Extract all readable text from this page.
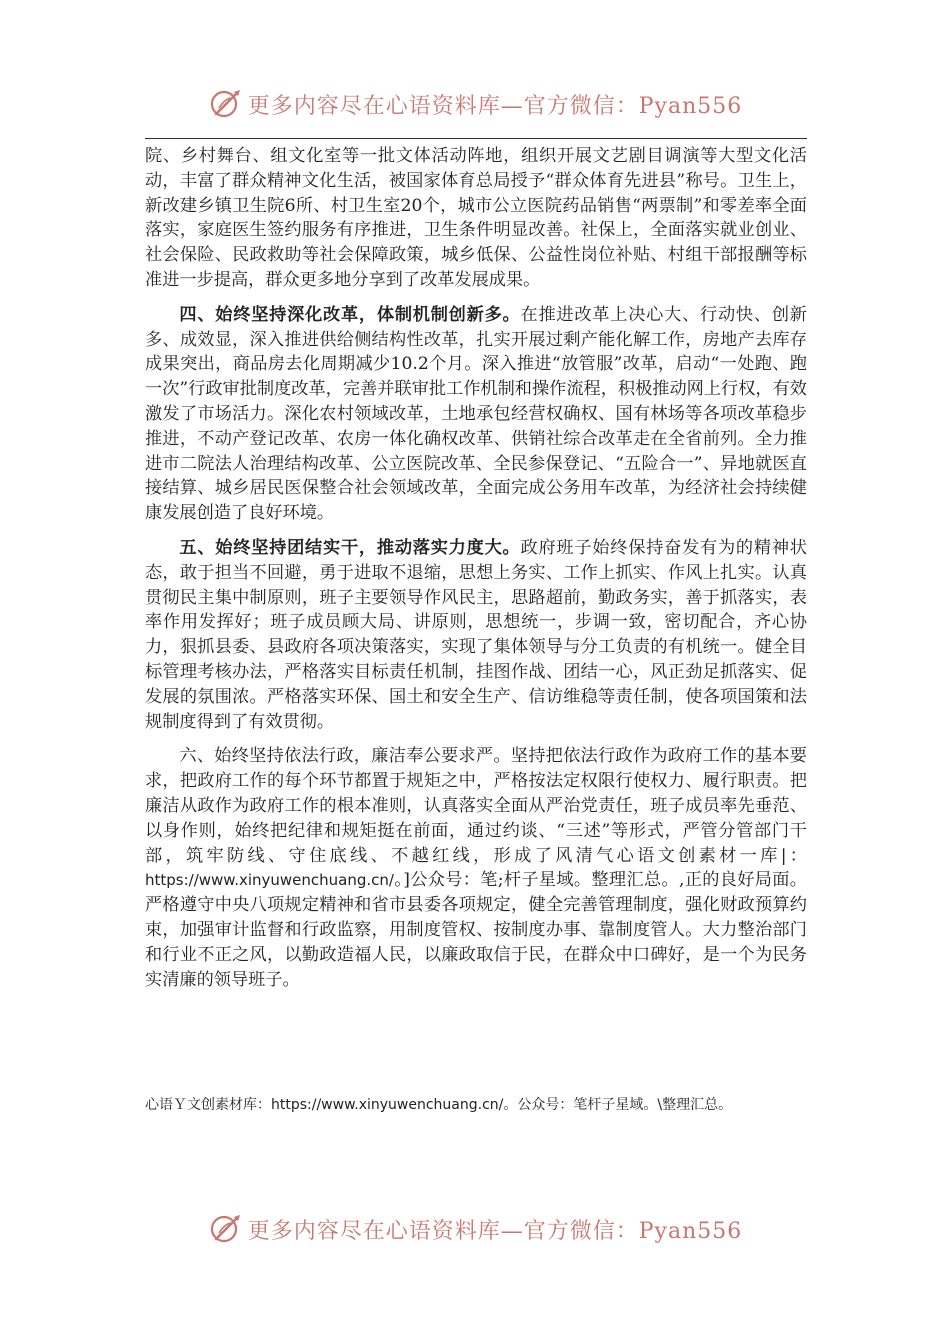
更多内容尽在心语资料库—官方微信：Pyan556

院、乡村舞台、组文化室等一批文体活动阵地，组织开展文艺剧目调演等大型文化活动，丰富了群众精神文化生活，被国家体育总局授予“群众体育先进县”称号。卫生上，新改建乡镇卫生院6所、村卫生室20个，城市公立医院药品销售“两票制”和零差率全面落实，家庭医生签约服务有序推进，卫生条件明显改善。社保上，全面落实就业创业、社会保险、民政救助等社会保障政策，城乡低保、公益性岗位补贴、村组干部报酬等标准进一步提高，群众更多地分享到了改革发展成果。

四、始终坚持深化改革，体制机制创新多。在推进改革上决心大、行动快、创新多、成效显，深入推进供给侧结构性改革，扎实开展过剩产能化解工作，房地产去库存成果突出，商品房去化周期减少10.2个月。深入推进“放管服”改革，启动“一处跑、跑一次”行政审批制度改革，完善并联审批工作机制和操作流程，积极推动网上行权，有效激发了市场活力。深化农村领域改革，土地承包经营权确权、国有林场等各项改革稳步推进，不动产登记改革、农房一体化确权改革、供销社综合改革走在全省前列。全力推进市二院法人治理结构改革、公立医院改革、全民参保登记、“五险合一”、异地就医直接结算、城乡居民医保整合社会领域改革，全面完成公务用车改革，为经济社会持续健康发展创造了良好环境。

五、始终坚持团结实干，推动落实力度大。政府班子始终保持奋发有为的精神状态，敢于担当不回避，勇于进取不退缩，思想上务实、工作上抓实、作风上扎实。认真贯彻民主集中制原则，班子主要领导作风民主，思路超前，勤政务实，善于抓落实，表率作用发挥好；班子成员顾大局、讲原则，思想统一，步调一致，密切配合，齐心协力，狠抓县委、县政府各项决策落实，实现了集体领导与分工负责的有机统一。健全目标管理考核办法，严格落实目标责任机制，挂图作战、团结一心，风正劲足抓落实、促发展的氛围浓。严格落实环保、国土和安全生产、信访维稳等责任制，使各项国策和法规制度得到了有效贯彻。

六、始终坚持依法行政，廉洁奉公要求严。坚持把依法行政作为政府工作的基本要求，把政府工作的每个环节都置于规矩之中，严格按法定权限行使权力、履行职责。把廉洁从政作为政府工作的根本准则，认真落实全面从严治党责任，班子成员率先垂范、以身作则，始终把纪律和规矩挺在前面，通过约谈、“三述”等形式，严管分管部门干部，筑牢防线、守住底线、不越红线，形成了风清气心语文创素材一库|：https://www.xinyuwenchuang.cn/。]公众号：笔;杆子星域。整理汇总。,正的良好局面。严格遵守中央八项规定精神和省市县委各项规定，健全完善管理制度，强化财政预算约束，加强审计监督和行政监察，用制度管权、按制度办事、靠制度管人。大力整治部门和行业不正之风，以勤政造福人民，以廉政取信于民，在群众中口碑好，是一个为民务实清廉的领导班子。

心语Ｙ文创素材库：https://www.xinyuwenchuang.cn/。公众号：笔杆子星域。\整理汇总。
更多内容尽在心语资料库—官方微信：Pyan556
